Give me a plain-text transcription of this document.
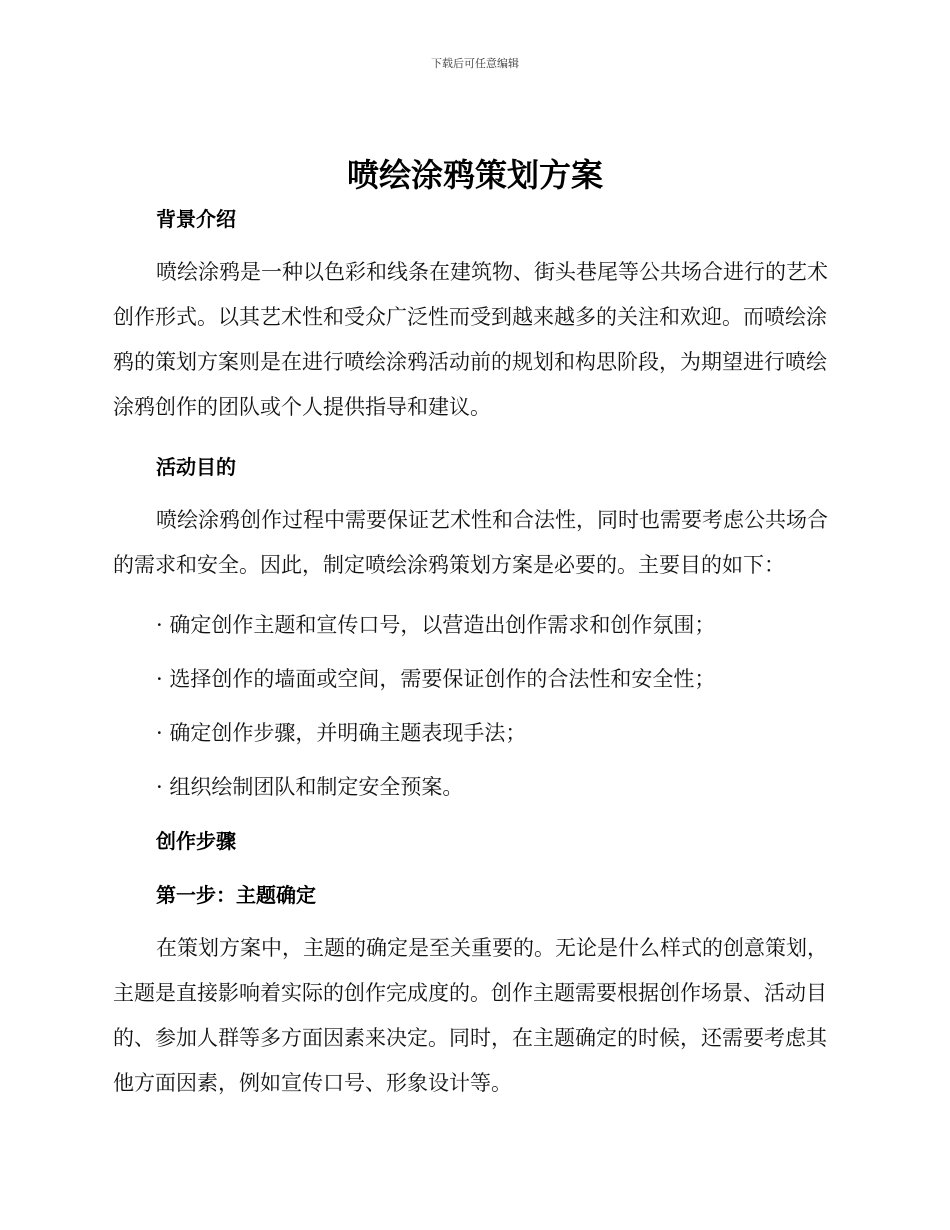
下载后可任意编辑
喷绘涂鸦策划方案

背景介绍

喷绘涂鸦是一种以色彩和线条在建筑物、街头巷尾等公共场合进行的艺术创作形式。以其艺术性和受众广泛性而受到越来越多的关注和欢迎。而喷绘涂鸦的策划方案则是在进行喷绘涂鸦活动前的规划和构思阶段，为期望进行喷绘涂鸦创作的团队或个人提供指导和建议。

活动目的

喷绘涂鸦创作过程中需要保证艺术性和合法性，同时也需要考虑公共场合的需求和安全。因此，制定喷绘涂鸦策划方案是必要的。主要目的如下：

· 确定创作主题和宣传口号，以营造出创作需求和创作氛围；

· 选择创作的墙面或空间，需要保证创作的合法性和安全性；

· 确定创作步骤，并明确主题表现手法；

· 组织绘制团队和制定安全预案。

创作步骤

第一步：主题确定

在策划方案中，主题的确定是至关重要的。无论是什么样式的创意策划，主题是直接影响着实际的创作完成度的。创作主题需要根据创作场景、活动目的、参加人群等多方面因素来决定。同时，在主题确定的时候，还需要考虑其他方面因素，例如宣传口号、形象设计等。
